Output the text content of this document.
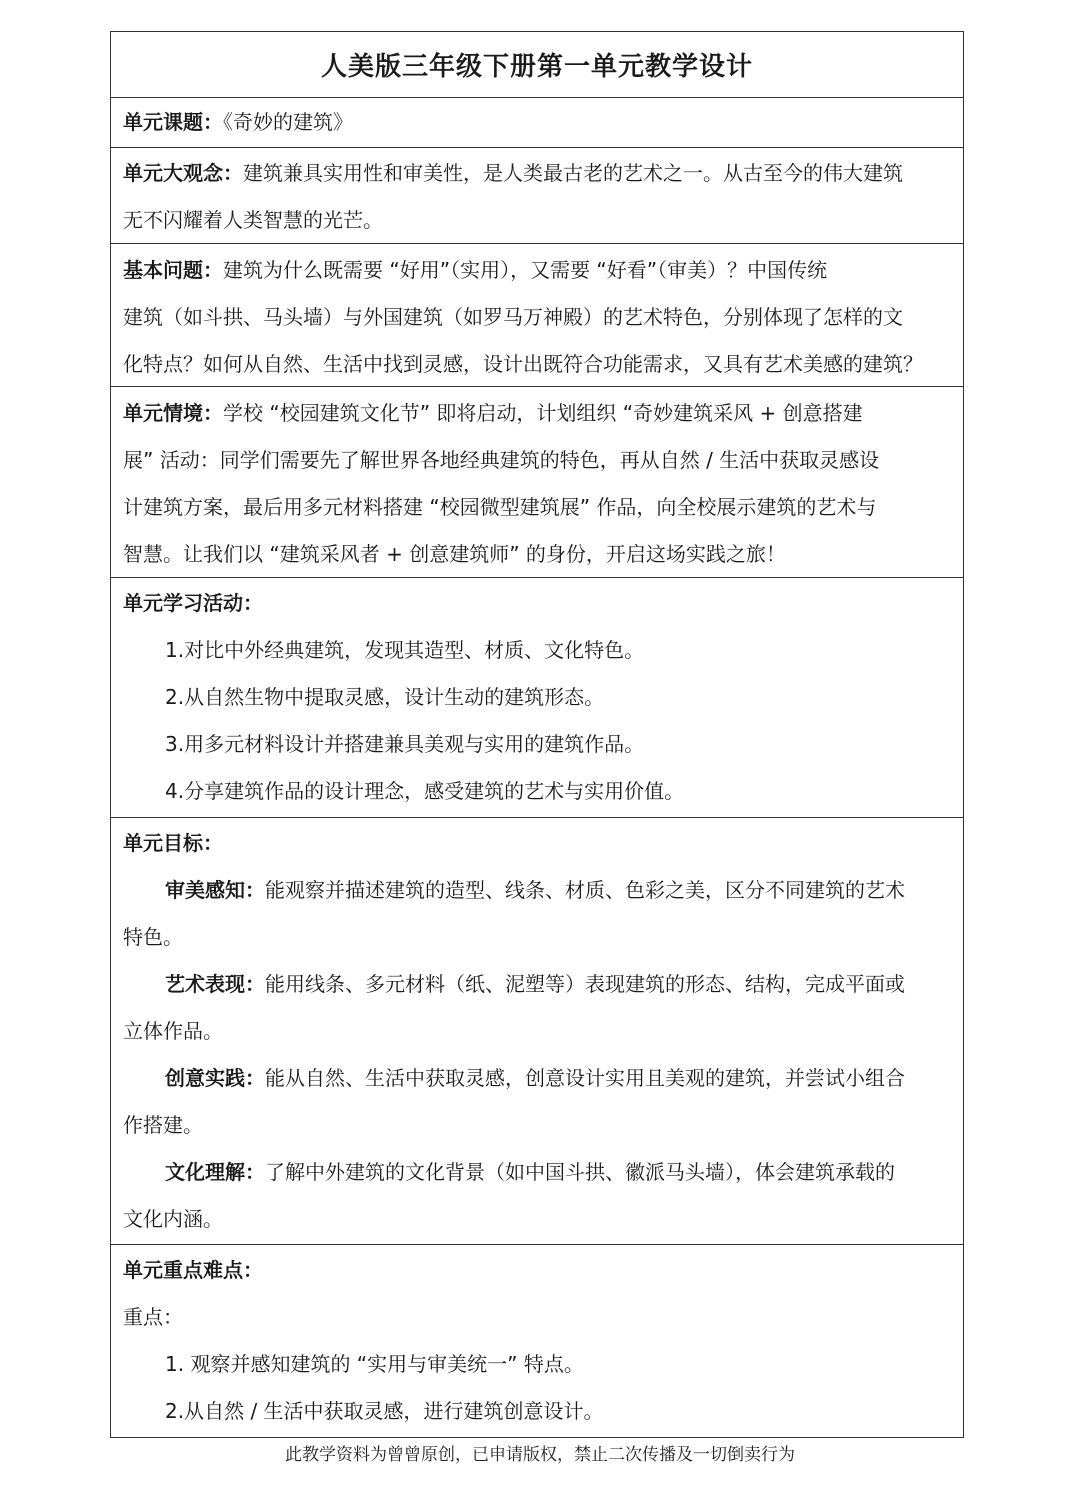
人美版三年级下册第一单元教学设计
单元课题：《奇妙的建筑》
单元大观念：建筑兼具实用性和审美性，是人类最古老的艺术之一。从古至今的伟大建筑
无不闪耀着人类智慧的光芒。
基本问题：建筑为什么既需要 “好用”（实用），又需要 “好看”（审美）？中国传统
建筑（如斗拱、马头墙）与外国建筑（如罗马万神殿）的艺术特色，分别体现了怎样的文
化特点？如何从自然、生活中找到灵感，设计出既符合功能需求，又具有艺术美感的建筑？
单元情境：学校 “校园建筑文化节” 即将启动，计划组织 “奇妙建筑采风 + 创意搭建
展” 活动：同学们需要先了解世界各地经典建筑的特色，再从自然 / 生活中获取灵感设
计建筑方案，最后用多元材料搭建 “校园微型建筑展” 作品，向全校展示建筑的艺术与
智慧。让我们以 “建筑采风者 + 创意建筑师” 的身份，开启这场实践之旅！
单元学习活动：
1.对比中外经典建筑，发现其造型、材质、文化特色。
2.从自然生物中提取灵感，设计生动的建筑形态。
3.用多元材料设计并搭建兼具美观与实用的建筑作品。
4.分享建筑作品的设计理念，感受建筑的艺术与实用价值。
单元目标：
审美感知：能观察并描述建筑的造型、线条、材质、色彩之美，区分不同建筑的艺术
特色。
艺术表现：能用线条、多元材料（纸、泥塑等）表现建筑的形态、结构，完成平面或
立体作品。
创意实践：能从自然、生活中获取灵感，创意设计实用且美观的建筑，并尝试小组合
作搭建。
文化理解：了解中外建筑的文化背景（如中国斗拱、徽派马头墙），体会建筑承载的
文化内涵。
单元重点难点：
重点：
1. 观察并感知建筑的 “实用与审美统一” 特点。
2.从自然 / 生活中获取灵感，进行建筑创意设计。
此教学资料为曾曾原创，已申请版权，禁止二次传播及一切倒卖行为
